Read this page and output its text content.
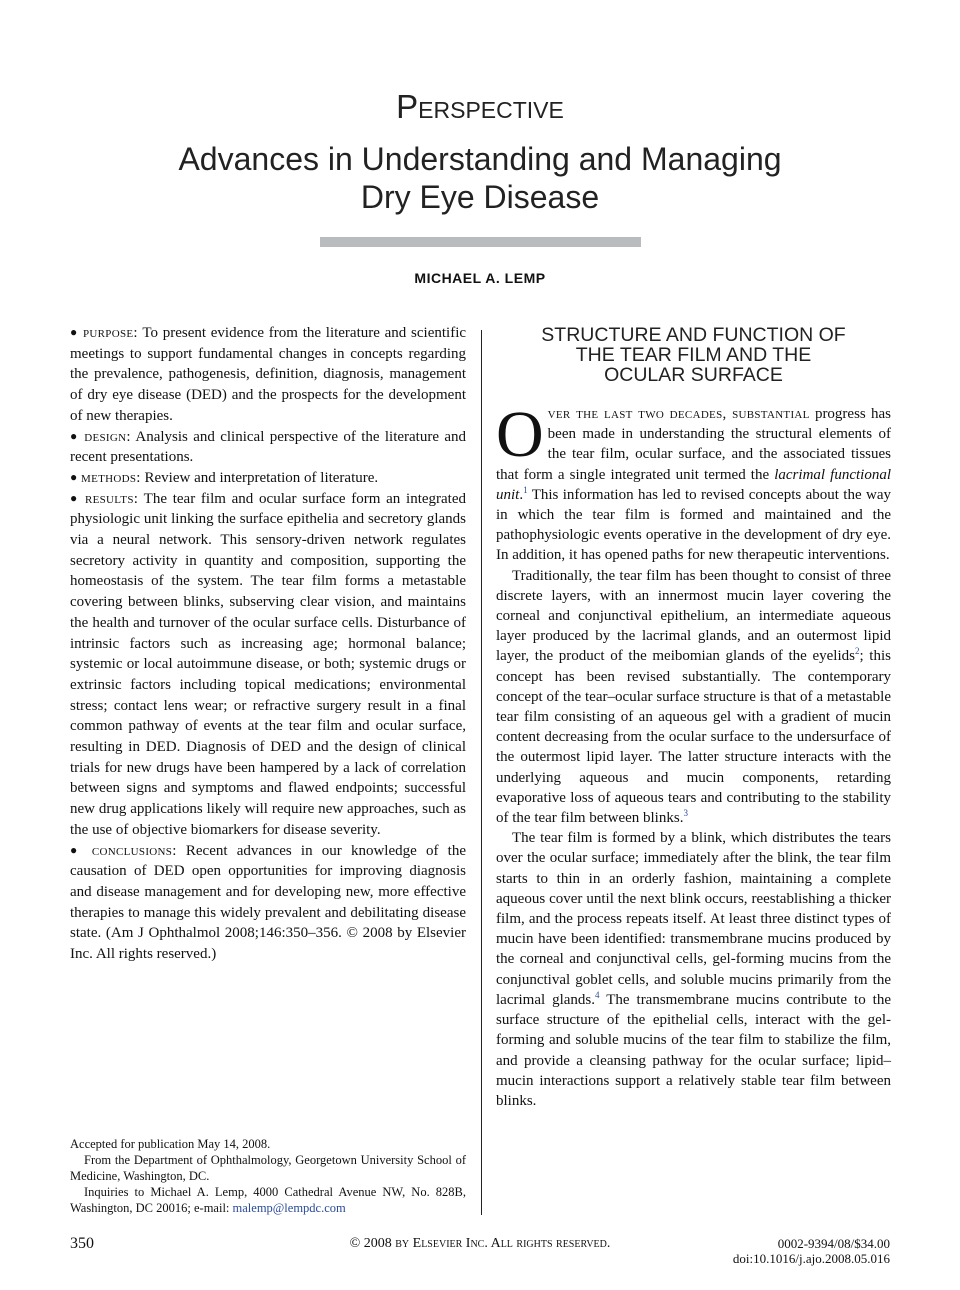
Perspective
Advances in Understanding and Managing
Dry Eye Disease
MICHAEL A. LEMP

● purpose: To present evidence from the literature and scientific meetings to support fundamental changes in concepts regarding the prevalence, pathogenesis, definition, diagnosis, management of dry eye disease (DED) and the prospects for the development of new therapies.

● design: Analysis and clinical perspective of the literature and recent presentations.

● methods: Review and interpretation of literature.

● results: The tear film and ocular surface form an integrated physiologic unit linking the surface epithelia and secretory glands via a neural network. This sensory-driven network regulates secretory activity in quantity and composition, supporting the homeostasis of the system. The tear film forms a metastable covering between blinks, subserving clear vision, and maintains the health and turnover of the ocular surface cells. Disturbance of intrinsic factors such as increasing age; hormonal balance; systemic or local autoimmune disease, or both; systemic drugs or extrinsic factors including topical medications; environmental stress; contact lens wear; or refractive surgery result in a final common pathway of events at the tear film and ocular surface, resulting in DED. Diagnosis of DED and the design of clinical trials for new drugs have been hampered by a lack of correlation between signs and symptoms and flawed endpoints; successful new drug applications likely will require new approaches, such as the use of objective biomarkers for disease severity.

● conclusions: Recent advances in our knowledge of the causation of DED open opportunities for improving diagnosis and disease management and for developing new, more effective therapies to manage this widely prevalent and debilitating disease state. (Am J Ophthalmol 2008;146:350–356. © 2008 by Elsevier Inc. All rights reserved.)

Accepted for publication May 14, 2008.

From the Department of Ophthalmology, Georgetown University School of Medicine, Washington, DC.

Inquiries to Michael A. Lemp, 4000 Cathedral Avenue NW, No. 828B, Washington, DC 20016; e-mail: malemp@lempdc.com

STRUCTURE AND FUNCTION OF
THE TEAR FILM AND THE
OCULAR SURFACE

Over the last two decades, substantial progress has been made in understanding the structural elements of the tear film, ocular surface, and the associated tissues that form a single integrated unit termed the lacrimal functional unit.$^1$ This information has led to revised concepts about the way in which the tear film is formed and maintained and the pathophysiologic events operative in the development of dry eye. In addition, it has opened paths for new therapeutic interventions.

Traditionally, the tear film has been thought to consist of three discrete layers, with an innermost mucin layer covering the corneal and conjunctival epithelium, an intermediate aqueous layer produced by the lacrimal glands, and an outermost lipid layer, the product of the meibomian glands of the eyelids$^2$; this concept has been revised substantially. The contemporary concept of the tear–ocular surface structure is that of a metastable tear film consisting of an aqueous gel with a gradient of mucin content decreasing from the ocular surface to the undersurface of the outermost lipid layer. The latter structure interacts with the underlying aqueous and mucin components, retarding evaporative loss of aqueous tears and contributing to the stability of the tear film between blinks.$^3$

The tear film is formed by a blink, which distributes the tears over the ocular surface; immediately after the blink, the tear film starts to thin in an orderly fashion, maintaining a complete aqueous cover until the next blink occurs, reestablishing a thicker film, and the process repeats itself. At least three distinct types of mucin have been identified: transmembrane mucins produced by the corneal and conjunctival cells, gel-forming mucins from the conjunctival goblet cells, and soluble mucins primarily from the lacrimal glands.$^4$ The transmembrane mucins contribute to the surface structure of the epithelial cells, interact with the gel-forming and soluble mucins of the tear film to stabilize the film, and provide a cleansing pathway for the ocular surface; lipid–mucin interactions support a relatively stable tear film between blinks.

350	© 2008 by Elsevier Inc. All rights reserved.	0002-9394/08/$34.00
doi:10.1016/j.ajo.2008.05.016
